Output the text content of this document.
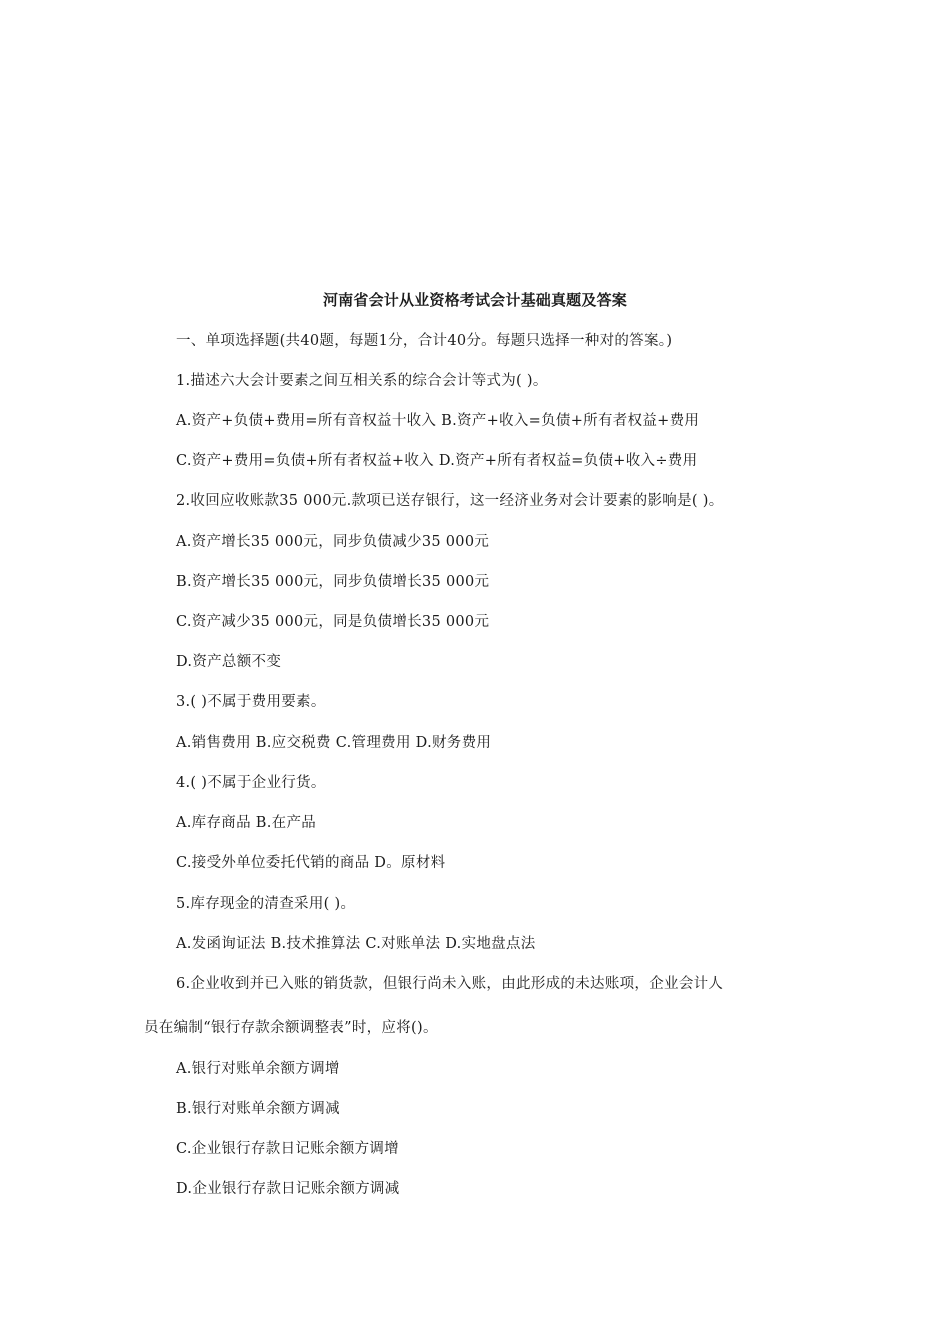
河南省会计从业资格考试会计基础真题及答案
一、单项选择题(共40题，每题1分，合计40分。每题只选择一种对的答案。)
1.描述六大会计要素之间互相关系的综合会计等式为( )。
A.资产+负债+费用=所有音权益十收入 B.资产+收入=负债+所有者权益+费用
C.资产+费用=负债+所有者权益+收入 D.资产+所有者权益=负债+收入÷费用
2.收回应收账款35 000元.款项已送存银行，这一经济业务对会计要素的影响是( )。
A.资产增长35 000元，同步负债减少35 000元
B.资产增长35 000元，同步负债增长35 000元
C.资产减少35 000元，同是负债增长35 000元
D.资产总额不变
3.( )不属于费用要素。
A.销售费用 B.应交税费 C.管理费用 D.财务费用
4.( )不属于企业行货。
A.库存商品 B.在产品
C.接受外单位委托代销的商品 D。原材料
5.库存现金的清查采用( )。
A.发函询证法 B.技术推算法 C.对账单法 D.实地盘点法
6.企业收到并已入账的销货款，但银行尚未入账，由此形成的未达账项，企业会计人
员在编制“银行存款余额调整表”时，应将()。
A.银行对账单余额方调增
B.银行对账单余额方调减
C.企业银行存款日记账余额方调增
D.企业银行存款日记账余额方调减
